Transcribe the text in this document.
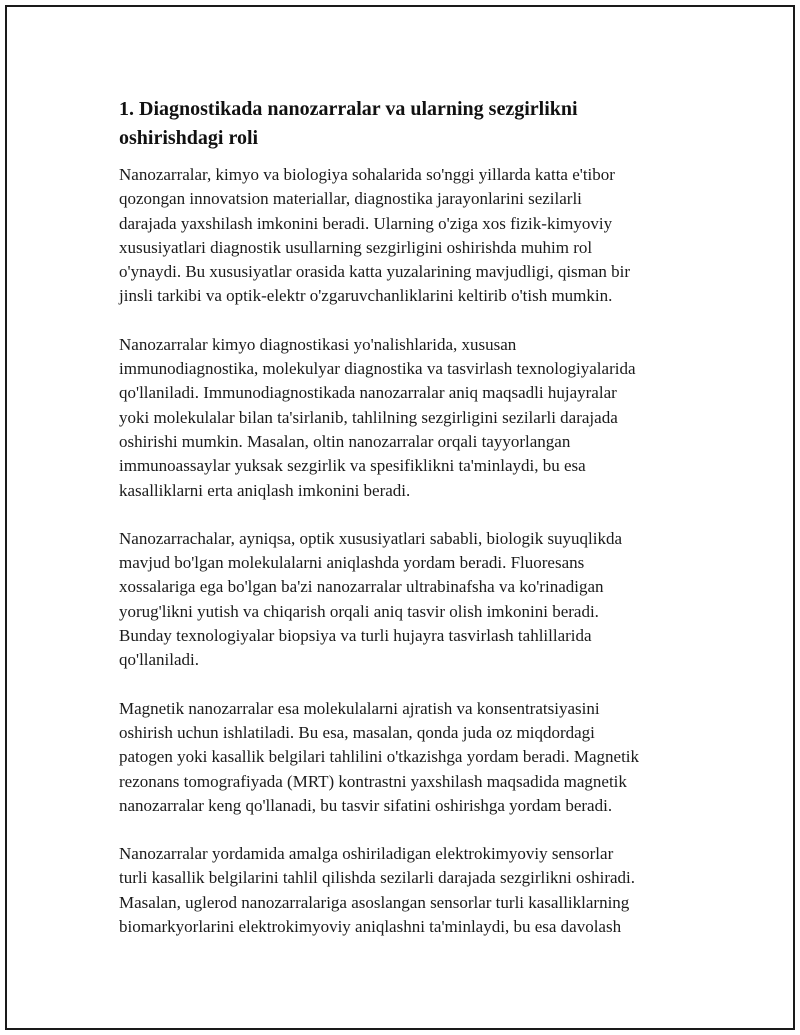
1. Diagnostikada nanozarralar va ularning sezgirlikni
oshirishdagi roli

Nanozarralar, kimyo va biologiya sohalarida so'nggi yillarda katta e'tibor
qozongan innovatsion materiallar, diagnostika jarayonlarini sezilarli
darajada yaxshilash imkonini beradi. Ularning o'ziga xos fizik-kimyoviy
xususiyatlari diagnostik usullarning sezgirligini oshirishda muhim rol
o'ynaydi. Bu xususiyatlar orasida katta yuzalarining mavjudligi, qisman bir
jinsli tarkibi va optik-elektr o'zgaruvchanliklarini keltirib o'tish mumkin.

Nanozarralar kimyo diagnostikasi yo'nalishlarida, xususan
immunodiagnostika, molekulyar diagnostika va tasvirlash texnologiyalarida
qo'llaniladi. Immunodiagnostikada nanozarralar aniq maqsadli hujayralar
yoki molekulalar bilan ta'sirlanib, tahlilning sezgirligini sezilarli darajada
oshirishi mumkin. Masalan, oltin nanozarralar orqali tayyorlangan
immunoassaylar yuksak sezgirlik va spesifiklikni ta'minlaydi, bu esa
kasalliklarni erta aniqlash imkonini beradi.

Nanozarrachalar, ayniqsa, optik xususiyatlari sababli, biologik suyuqlikda
mavjud bo'lgan molekulalarni aniqlashda yordam beradi. Fluoresans
xossalariga ega bo'lgan ba'zi nanozarralar ultrabinafsha va ko'rinadigan
yorug'likni yutish va chiqarish orqali aniq tasvir olish imkonini beradi.
Bunday texnologiyalar biopsiya va turli hujayra tasvirlash tahlillarida
qo'llaniladi.

Magnetik nanozarralar esa molekulalarni ajratish va konsentratsiyasini
oshirish uchun ishlatiladi. Bu esa, masalan, qonda juda oz miqdordagi
patogen yoki kasallik belgilari tahlilini o'tkazishga yordam beradi. Magnetik
rezonans tomografiyada (MRT) kontrastni yaxshilash maqsadida magnetik
nanozarralar keng qo'llanadi, bu tasvir sifatini oshirishga yordam beradi.

Nanozarralar yordamida amalga oshiriladigan elektrokimyoviy sensorlar
turli kasallik belgilarini tahlil qilishda sezilarli darajada sezgirlikni oshiradi.
Masalan, uglerod nanozarralariga asoslangan sensorlar turli kasalliklarning
biomarkyorlarini elektrokimyoviy aniqlashni ta'minlaydi, bu esa davolash
